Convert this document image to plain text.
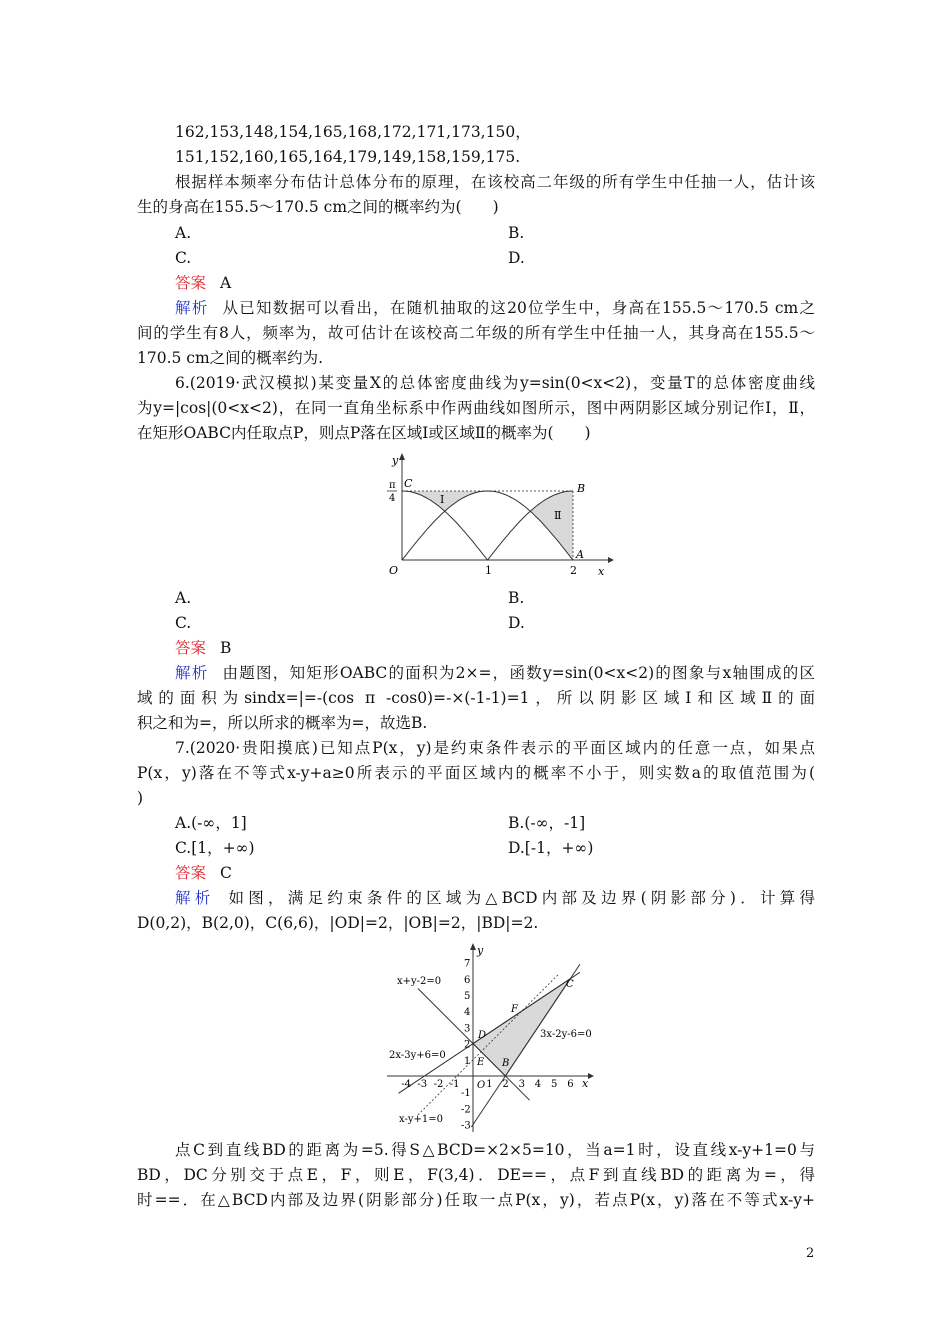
162,153,148,154,165,168,172,171,173,150，
151,152,160,165,164,179,149,158,159,175.
根据样本频率分布估计总体分布的原理，在该校高二年级的所有学生中任抽一人，估计该
生的身高在155.5～170.5 cm之间的概率约为(　　)
A.	B.
C.	D.
答案 A
解析 从已知数据可以看出，在随机抽取的这20位学生中，身高在155.5～170.5 cm之
间的学生有8人，频率为，故可估计在该校高二年级的所有学生中任抽一人，其身高在155.5～
170.5 cm之间的概率约为.
6.(2019·武汉模拟)某变量X的总体密度曲线为y=sin(0<x<2)，变量T的总体密度曲线
为y=|cos|(0<x<2)，在同一直角坐标系中作两曲线如图所示，图中两阴影区域分别记作Ⅰ，Ⅱ，
在矩形OABC内任取点P，则点P落在区域Ⅰ或区域Ⅱ的概率为(　　)
y
x
π
4
C	B
A
O	1	2
Ⅰ
Ⅱ
A.	B.
C.	D.
答案 B
解析 由题图，知矩形OABC的面积为2×=，函数y=sin(0<x<2)的图象与x轴围成的区
域的面积为sindx=|=-(cos π -cos0)=-×(-1-1)=1，所以阴影区域Ⅰ和区域Ⅱ的面
积之和为=，所以所求的概率为=，故选B.
7.(2020·贵阳摸底)已知点P(x，y)是约束条件表示的平面区域内的任意一点，如果点
P(x，y)落在不等式x-y+a≥0所表示的平面区域内的概率不小于，则实数a的取值范围为(
)
A.(-∞，1]	B.(-∞，-1]
C.[1，+∞)	D.[-1，+∞)
答案 C
解析 如图，满足约束条件的区域为△BCD内部及边界(阴影部分)．计算得
D(0,2)，B(2,0)，C(6,6)，|OD|=2，|OB|=2，|BD|=2.
-4 -3 -2 -1	1 2 3 4 5 6
7
6
5
4
3
2
1
-1
-2
-3
y
x
O
x+y-2=0
2x-3y+6=0
3x-2y-6=0
x-y+1=0
B
C
D
E
F
点C到直线BD的距离为=5.得S△BCD=×2×5=10，当a=1时，设直线x-y+1=0与
BD，DC分别交于点E，F，则E，F(3,4)．DE==，点F到直线BD的距离为=，得
时==．在△BCD内部及边界(阴影部分)任取一点P(x，y)，若点P(x，y)落在不等式x-y+
2
